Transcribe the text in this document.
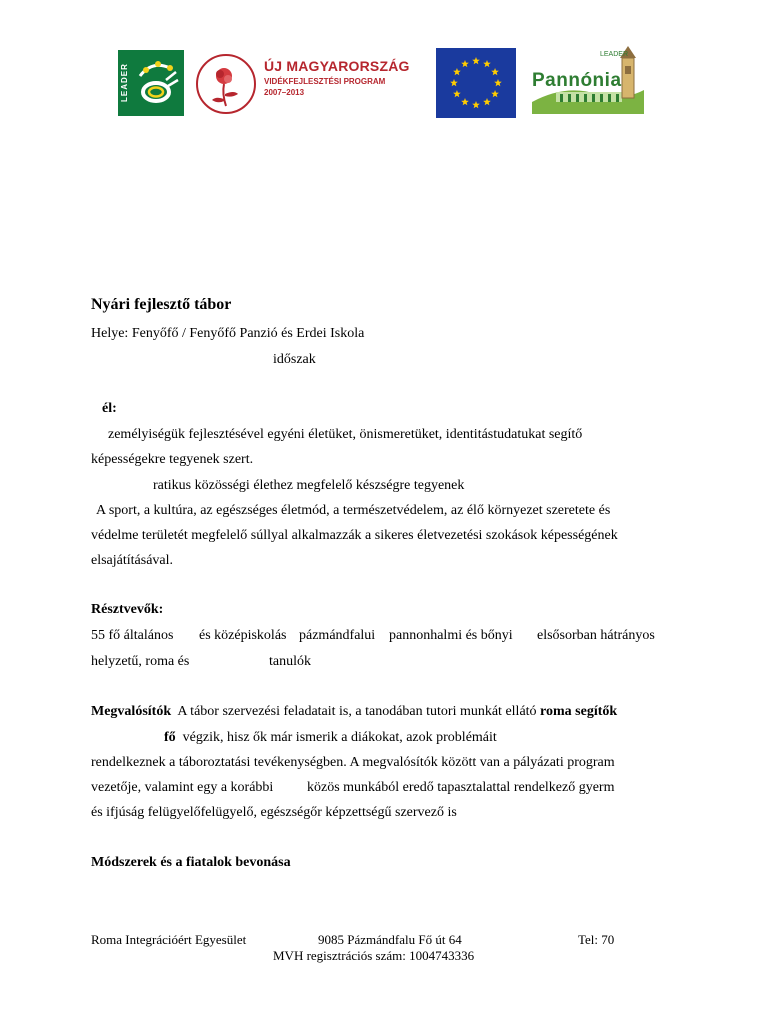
LEADER	ÚJ MAGYARORSZÁG
VIDÉKFEJLESZTÉSI PROGRAM
2007–2013
LEADER
Pannónia
Nyári fejlesztő tábor
Helye: Fenyőfő / Fenyőfő Panzió és Erdei Iskola
időszak
él:
zemélyiségük fejlesztésével egyéni életüket, önismeretüket, identitástudatukat segítő
képességekre tegyenek szert.
ratikus közösségi élethez megfelelő készségre tegyenek
A sport, a kultúra, az egészséges életmód, a természetvédelem, az élő környezet szeretete és
védelme területét megfelelő súllyal alkalmazzák a sikeres életvezetési szokások képességének
elsajátításával.
Résztvevők:
55 fő általános és középiskolás pázmándfalui pannonhalmi és bőnyi elsősorban hátrányos
helyzetű, roma és	tanulók
Megvalósítók A tábor szervezési feladatait is, a tanodában tutori munkát ellátó roma segítők
fő végzik, hisz ők már ismerik a diákokat, azok problémáit
rendelkeznek a táboroztatási tevékenységben. A megvalósítók között van a pályázati program
vezetője, valamint egy a korábbi közös munkából eredő tapasztalattal rendelkező gyerm
és ifjúság felügyelőfelügyelő, egészségőr képzettségű szervező is
Módszerek és a fiatalok bevonása
Roma Integrációért Egyesület	9085 Pázmándfalu Fő út 64	Tel: 70
MVH regisztrációs szám: 1004743336
